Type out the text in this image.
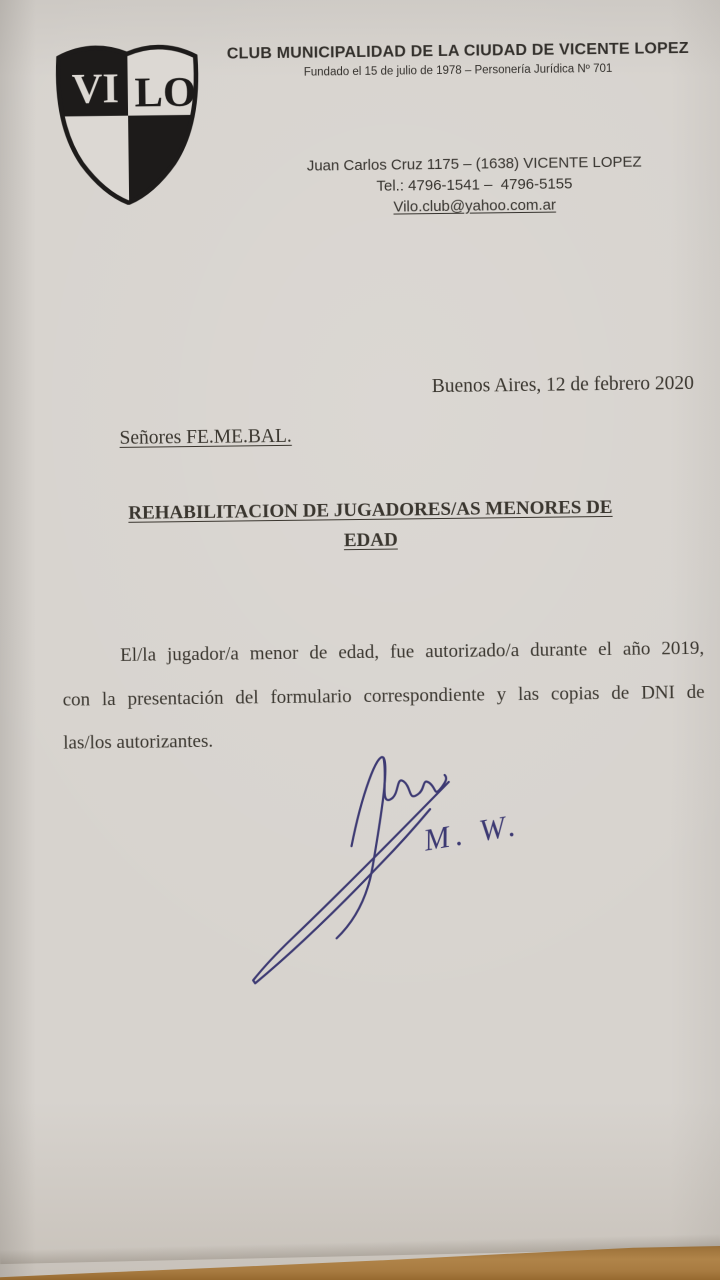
VI LO
CLUB MUNICIPALIDAD DE LA CIUDAD DE VICENTE LOPEZ
Fundado el 15 de julio de 1978 – Personería Jurídica Nº 701
Juan Carlos Cruz 1175 – (1638) VICENTE LOPEZ
Tel.: 4796-1541 –  4796-5155
Vilo.club@yahoo.com.ar
Buenos Aires, 12 de febrero 2020
Señores FE.ME.BAL.
REHABILITACION DE JUGADORES/AS MENORES DE
EDAD
El/la jugador/a menor de edad, fue autorizado/a durante el año 2019,
con la presentación del formulario correspondiente y las copias de DNI de
las/los autorizantes.
M. W.
